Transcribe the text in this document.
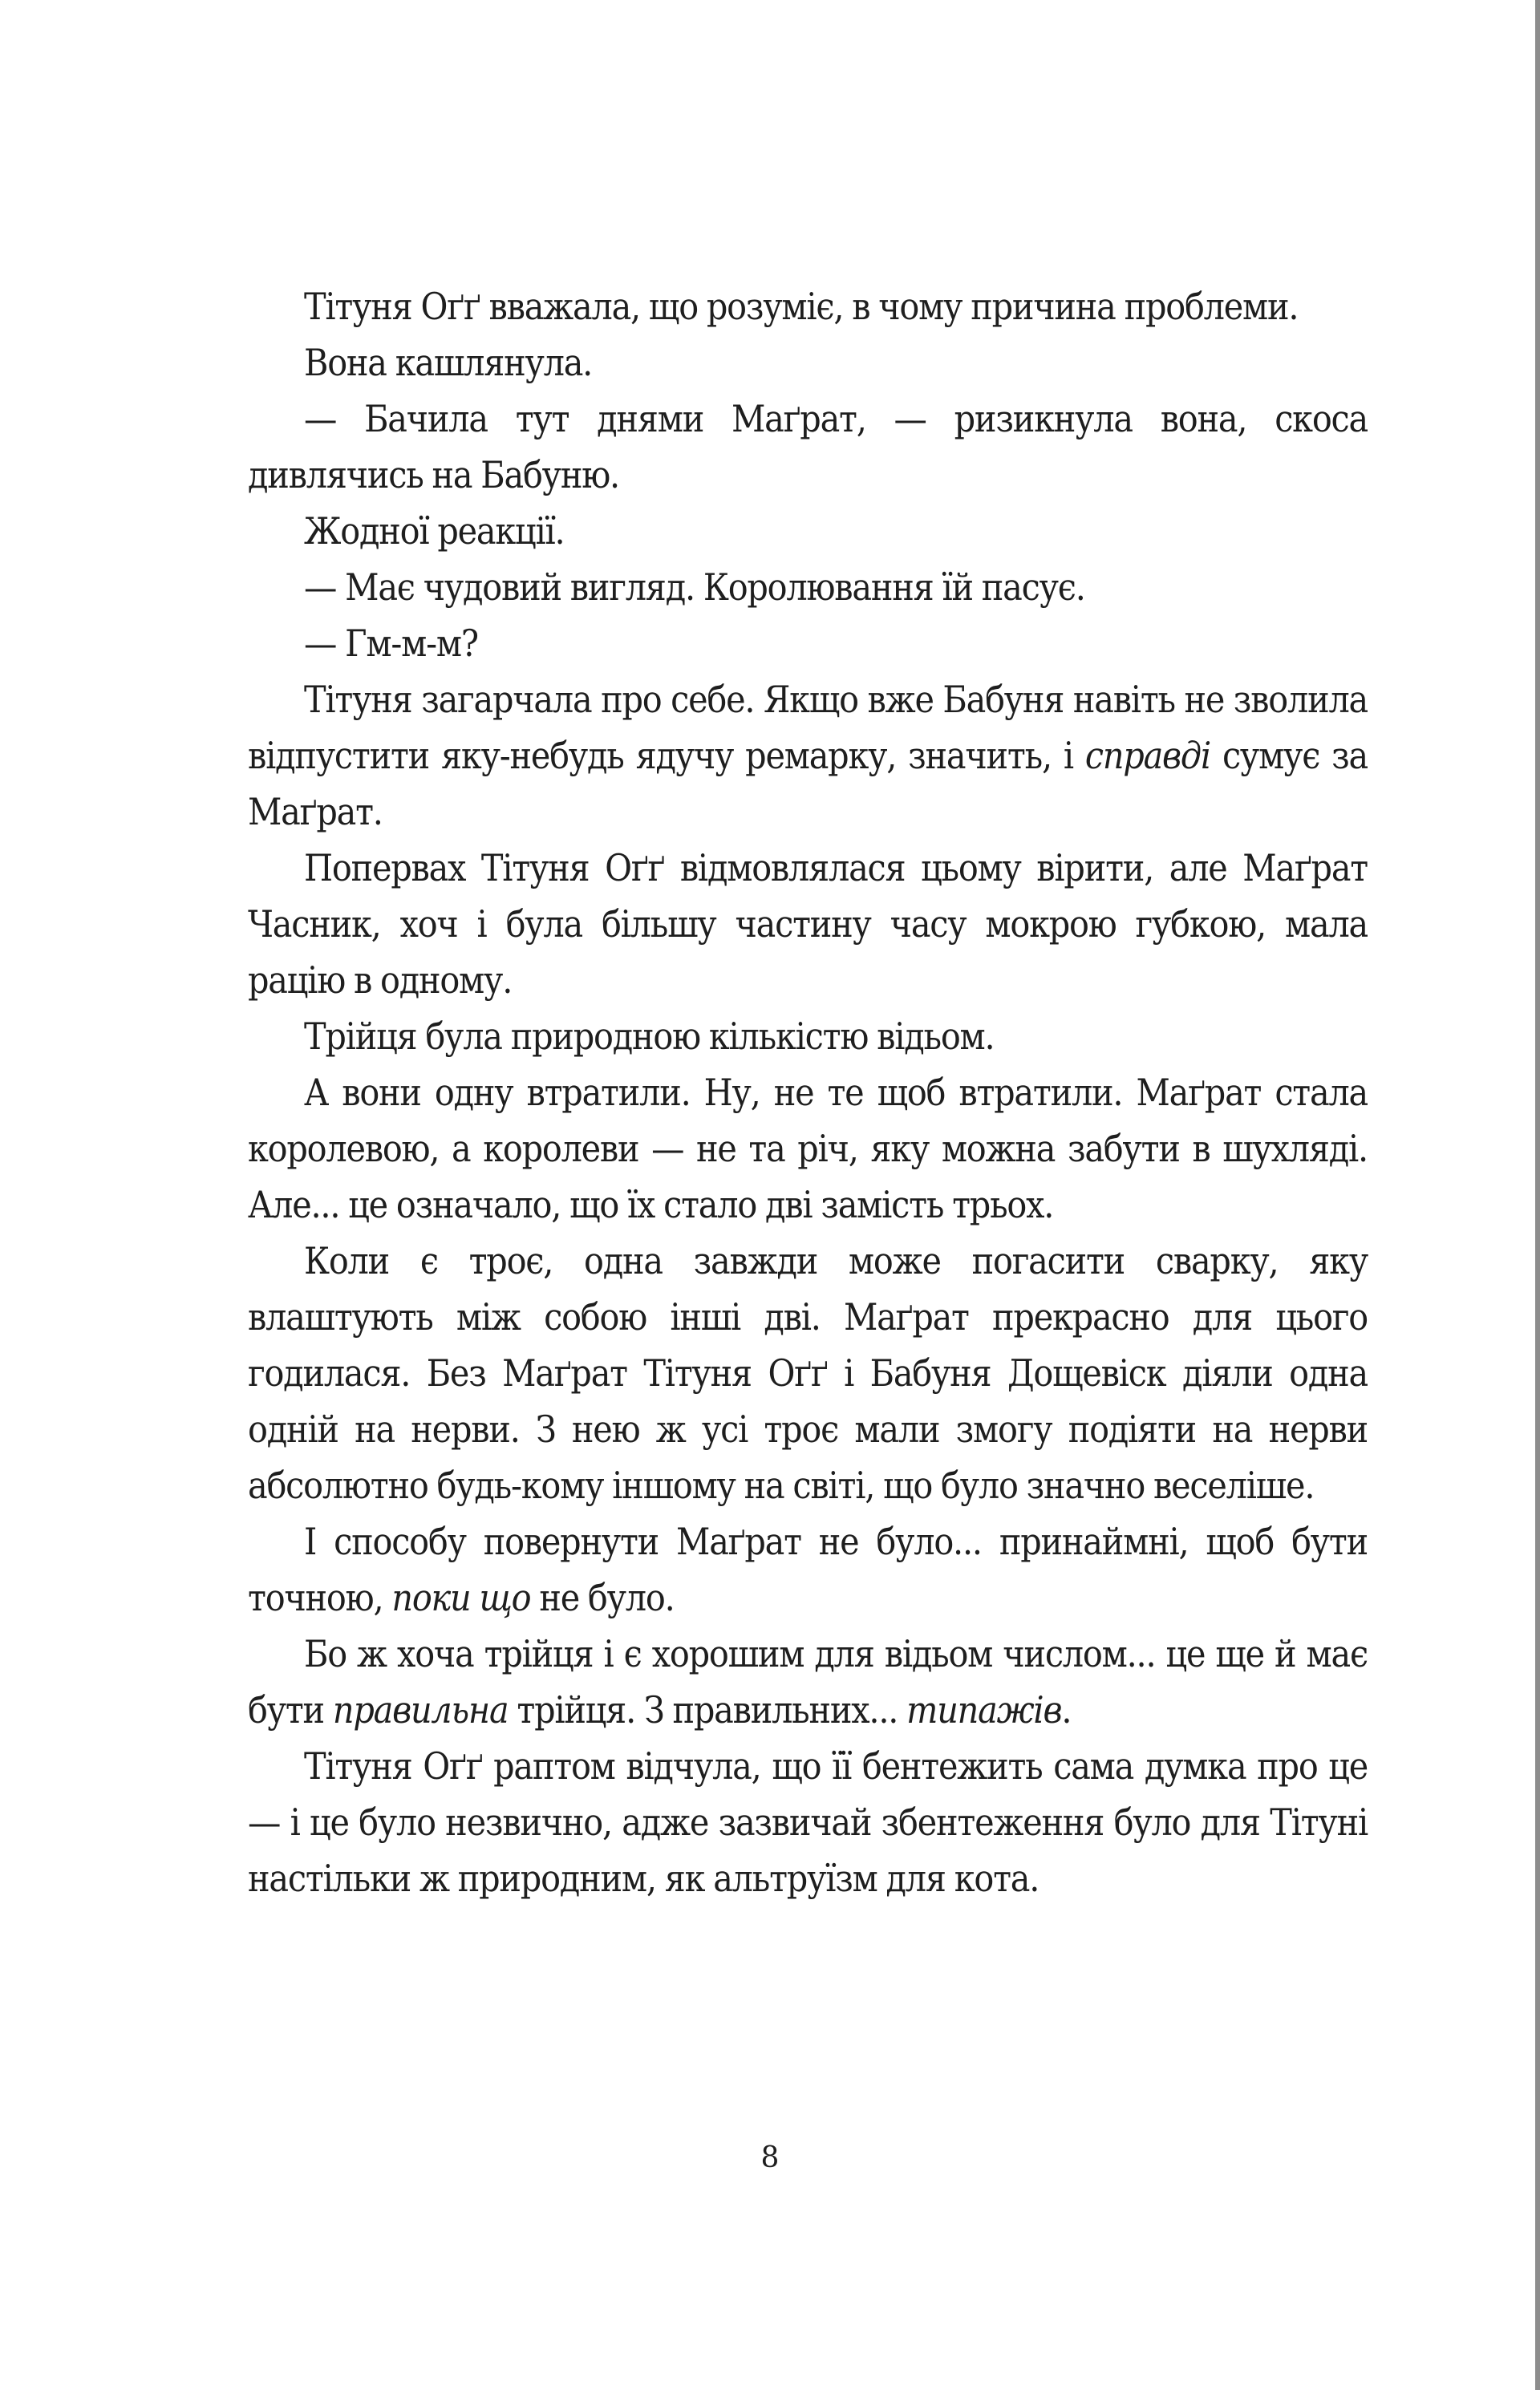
Тітуня Оґґ вважала, що розуміє, в чому причина проблеми.

Вона кашлянула.

— Бачила тут днями Маґрат, — ризикнула вона, скоса дивлячись на Бабуню.

Жодної реакції.

— Має чудовий вигляд. Королювання їй пасує.

— Гм-м-м?

Тітуня загарчала про себе. Якщо вже Бабуня навіть не зволила відпустити яку-небудь ядучу ремарку, значить, і справді сумує за Маґрат.

Попервах Тітуня Оґґ відмовлялася цьому вірити, але Маґрат Часник, хоч і була більшу частину часу мокрою губкою, мала рацію в одному.

Трійця була природною кількістю відьом.

А вони одну втратили. Ну, не те щоб втратили. Маґрат стала королевою, а королеви — не та річ, яку можна забути в шухляді. Але... це означало, що їх стало дві замість трьох.

Коли є троє, одна завжди може погасити сварку, яку влаштують між собою інші дві. Маґрат прекрасно для цього годилася. Без Маґрат Тітуня Оґґ і Бабуня Дощевіск діяли одна одній на нерви. З нею ж усі троє мали змогу подіяти на нерви абсолютно будь-кому іншому на світі, що було значно веселіше.

І способу повернути Маґрат не було... принаймні, щоб бути точною, поки що не було.

Бо ж хоча трійця і є хорошим для відьом числом... це ще й має бути правильна трійця. З правильних... типажів.

Тітуня Оґґ раптом відчула, що її бентежить сама думка про це — і це було незвично, адже зазвичай збентеження було для Тітуні настільки ж природним, як альтруїзм для кота.

8
